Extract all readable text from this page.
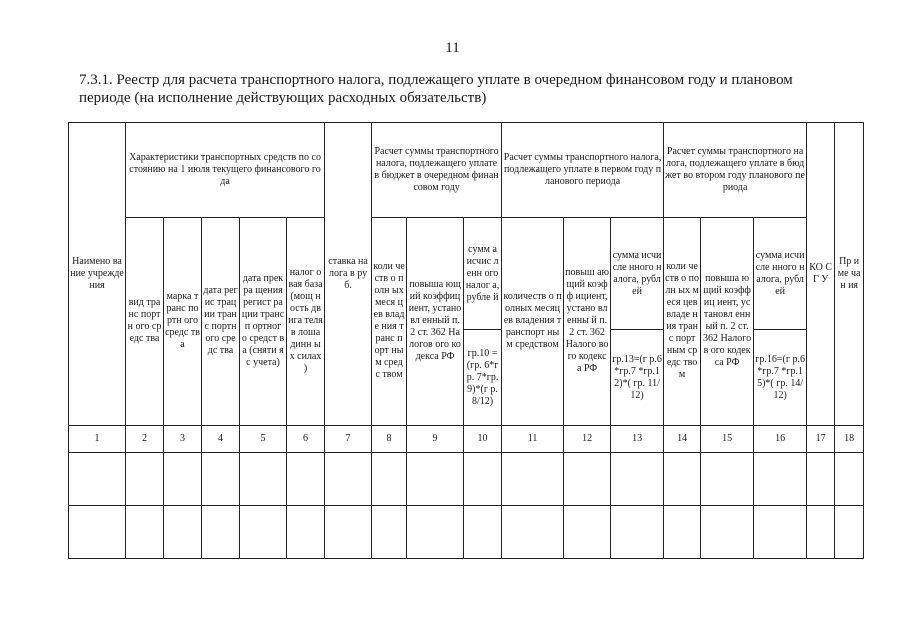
11
7.3.1. Реестр для расчета транспортного налога, подлежащего уплате в очередном финансовом году и плановом периоде (на исполнение действующих расходных обязательств)
Наимено вание учрежде ния	Характеристики транспортных средств по состоянию на 1 июля текущего финансового года					ставка налога в руб.	Расчет суммы транспортного налога, подлежащего уплате в бюджет в очередном финансовом году			Расчет суммы транспортного налога, подлежащего уплате в первом году планового периода			Расчет суммы транспортного налога, подлежащего уплате в бюджет во втором году планового периода			КО СГ У	Пр име чан ия
	вид транс портн ого средс тва	марка транс портн ого средс тва	дата регис трации транс портн ого средс тва	дата прекра щения регист рации трансп ортног о средст ва (сняти я с учета)	налог овая база (мощ ность двига теля в лоша динн ых силах )		коли честв о полн ых меся цев владе ния транс порт ным средс твом	повыша ющий коэффиц иент, установл енный п. 2 ст. 362 Налогов ого кодекса РФ	сумм а исчис ленн ого налог а, рубле й	количеств о полных месяцев владения транспорт ным средством	повыш ающий коэфф ициент, устано вленны й п. 2 ст. 362 Налого вого кодекс а РФ	сумма исчисле нного налога, рублей	коли честв о полн ых меся цев владе ния транс порт ным средс твом	повыша ющий коэффиц иент, установл енный п. 2 ст. 362 Налогов ого кодекса РФ	сумма исчисле нного налога, рублей		
									гр.10 =(гр. 6*гр. 7*гр. 9)*(г р. 8/12)			гр.13=(г р.6*гр.7 *гр.12)*( гр. 11/12)			гр.16=(г р.6*гр.7 *гр.15)*( гр. 14/12)		
1	2	3	4	5	6	7	8	9	10	11	12	13	14	15	16	17	18
